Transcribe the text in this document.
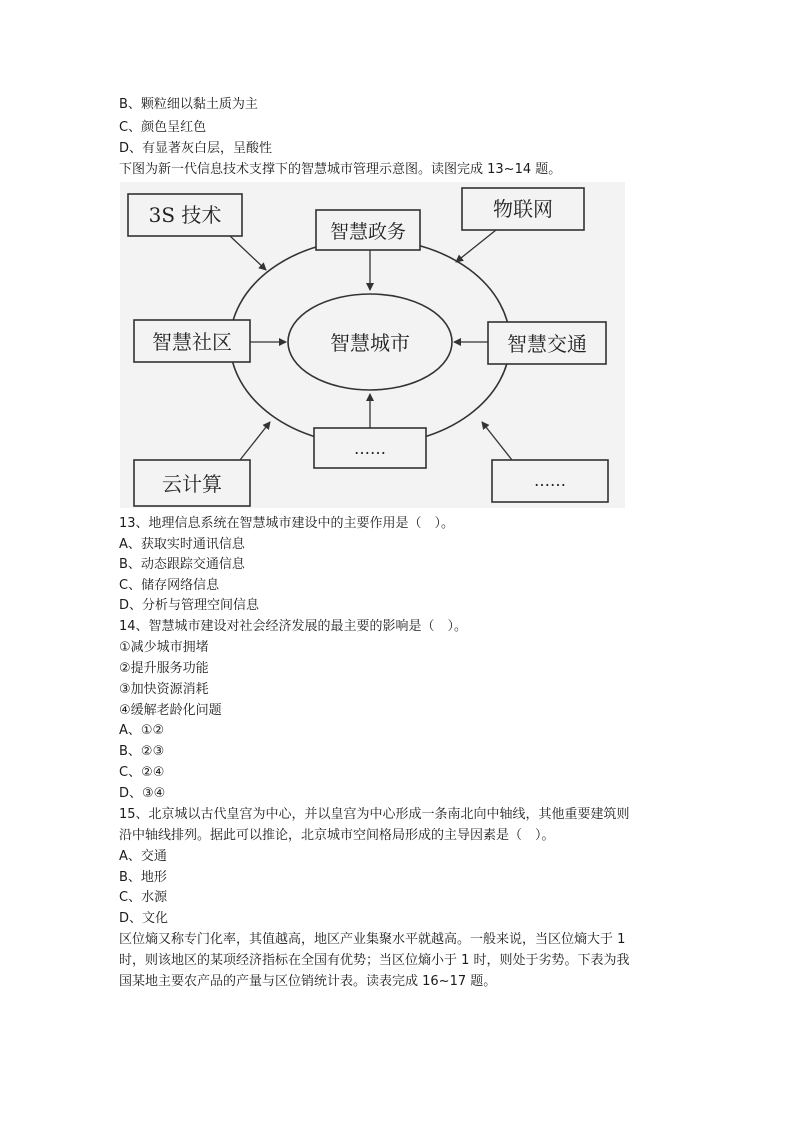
B、颗粒细以黏土质为主
C、颜色呈红色
D、有显著灰白层，呈酸性
下图为新一代信息技术支撑下的智慧城市管理示意图。读图完成 13~14 题。
智慧城市
智慧政务
智慧社区	智慧交通
……
3S 技术	物联网
云计算	……
13、地理信息系统在智慧城市建设中的主要作用是（　）。
A、获取实时通讯信息
B、动态跟踪交通信息
C、储存网络信息
D、分析与管理空间信息
14、智慧城市建设对社会经济发展的最主要的影响是（　）。
①减少城市拥堵
②提升服务功能
③加快资源消耗
④缓解老龄化问题
A、①②
B、②③
C、②④
D、③④
15、北京城以古代皇宫为中心，并以皇宫为中心形成一条南北向中轴线，其他重要建筑则
沿中轴线排列。据此可以推论，北京城市空间格局形成的主导因素是（　）。
A、交通
B、地形
C、水源
D、文化
区位熵又称专门化率，其值越高，地区产业集聚水平就越高。一般来说，当区位熵大于 1
时，则该地区的某项经济指标在全国有优势；当区位熵小于 1 时，则处于劣势。下表为我
国某地主要农产品的产量与区位销统计表。读表完成 16~17 题。
